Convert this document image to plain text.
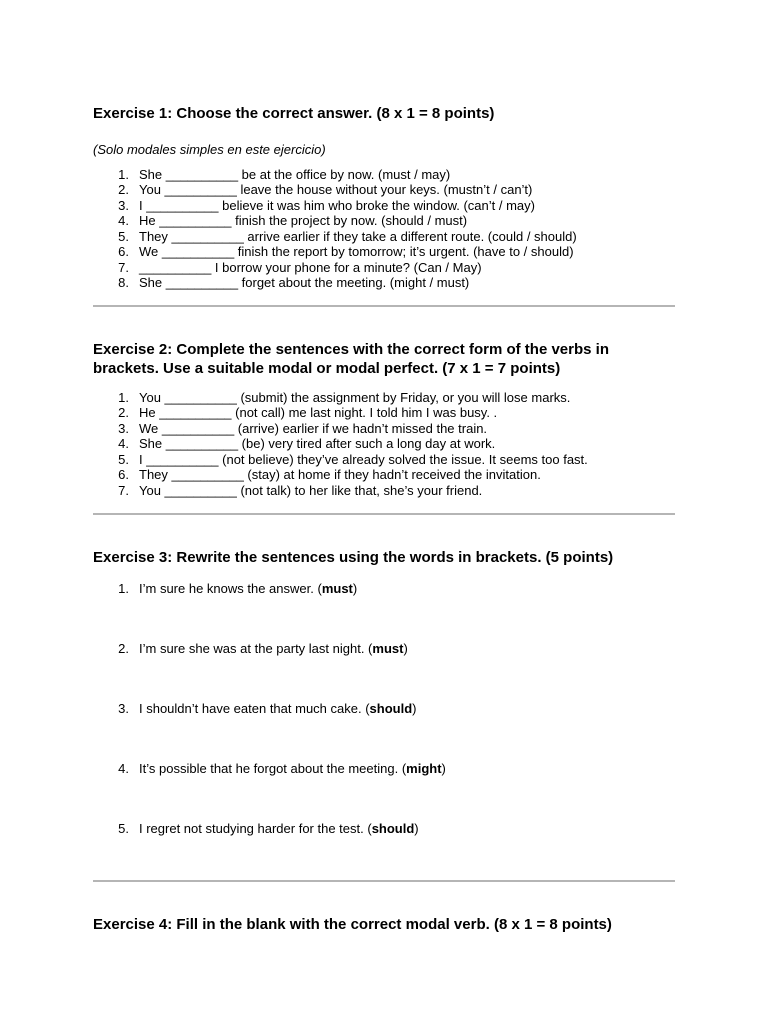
Exercise 1: Choose the correct answer. (8 x 1 = 8 points)

(Solo modales simples en este ejercicio)

1. She __________ be at the office by now. (must / may)
2. You __________ leave the house without your keys. (mustn’t / can’t)
3. I __________ believe it was him who broke the window. (can’t / may)
4. He __________ finish the project by now. (should / must)
5. They __________ arrive earlier if they take a different route. (could / should)
6. We __________ finish the report by tomorrow; it’s urgent. (have to / should)
7. __________ I borrow your phone for a minute? (Can / May)
8. She __________ forget about the meeting. (might / must)
Exercise 2: Complete the sentences with the correct form of the verbs in
brackets. Use a suitable modal or modal perfect. (7 x 1 = 7 points)
1. You __________ (submit) the assignment by Friday, or you will lose marks.
2. He __________ (not call) me last night. I told him I was busy. .
3. We __________ (arrive) earlier if we hadn’t missed the train.
4. She __________ (be) very tired after such a long day at work.
5. I __________ (not believe) they’ve already solved the issue. It seems too fast.
6. They __________ (stay) at home if they hadn’t received the invitation.
7. You __________ (not talk) to her like that, she’s your friend.
Exercise 3: Rewrite the sentences using the words in brackets. (5 points)
1. I’m sure he knows the answer. (must)
2. I’m sure she was at the party last night. (must)
3. I shouldn’t have eaten that much cake. (should)
4. It’s possible that he forgot about the meeting. (might)
5. I regret not studying harder for the test. (should)
Exercise 4: Fill in the blank with the correct modal verb. (8 x 1 = 8 points)
